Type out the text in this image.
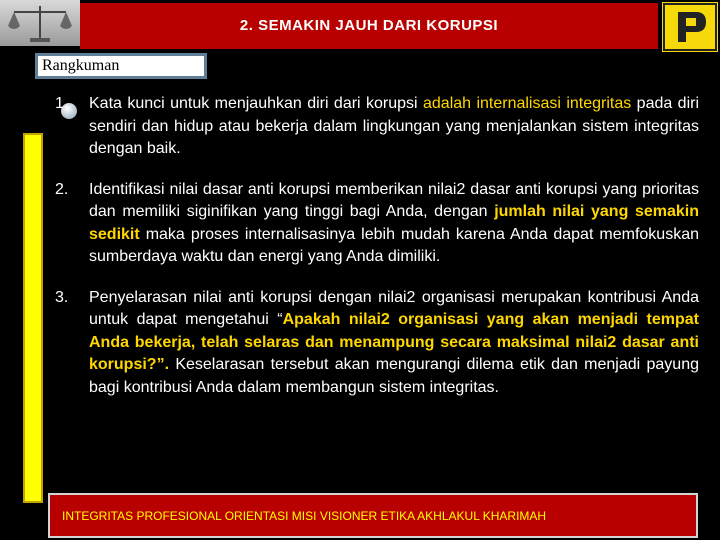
2. SEMAKIN JAUH DARI KORUPSI
Rangkuman
1.	Kata kunci untuk menjauhkan diri dari korupsi adalah internalisasi integritas pada diri sendiri dan hidup atau bekerja dalam lingkungan yang menjalankan sistem integritas dengan baik.
2.	Identifikasi nilai dasar anti korupsi memberikan nilai2 dasar anti korupsi yang prioritas dan memiliki siginifikan yang tinggi bagi Anda, dengan jumlah nilai yang semakin sedikit maka proses internalisasinya lebih mudah karena Anda dapat memfokuskan sumberdaya waktu dan energi yang Anda dimiliki.
3.	Penyelarasan nilai anti korupsi dengan nilai2 organisasi merupakan kontribusi Anda untuk dapat mengetahui “Apakah nilai2 organisasi yang akan menjadi tempat Anda bekerja, telah selaras dan menampung secara maksimal nilai2 dasar anti korupsi?”. Keselarasan tersebut akan mengurangi dilema etik dan menjadi payung bagi kontribusi Anda dalam membangun sistem integritas.
INTEGRITAS PROFESIONAL ORIENTASI MISI VISIONER ETIKA AKHLAKUL KHARIMAH
